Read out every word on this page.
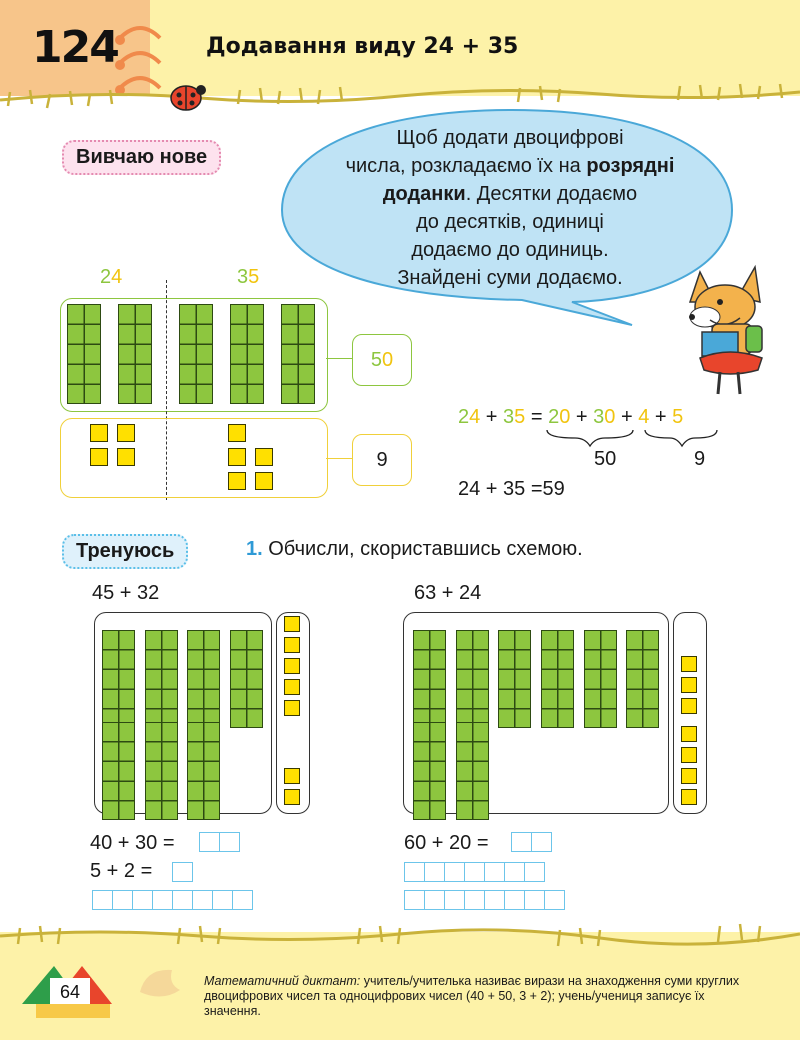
124	Додавання виду 24 + 35
Вивчаю нове
Щоб додати двоцифрові
числа, розкладаємо їх на розрядні
доданки. Десятки додаємо
до десятків, одиниці
додаємо до одиниць.
Знайдені суми додаємо.
24	35
5 0
9
24 + 35 = 20 + 30 + 4 + 5
50	9
24 + 35 =59
Тренуюсь	1. Обчисли, скориставшись схемою.
45 + 32
40 + 30 =
5 + 2 =
63 + 24
60 + 20 =
64
Математичний диктант: учитель/учителька називає вирази на знаходження суми круглих двоцифрових чисел та одноцифрових чисел (40 + 50, 3 + 2); учень/учениця записує їх значення.
